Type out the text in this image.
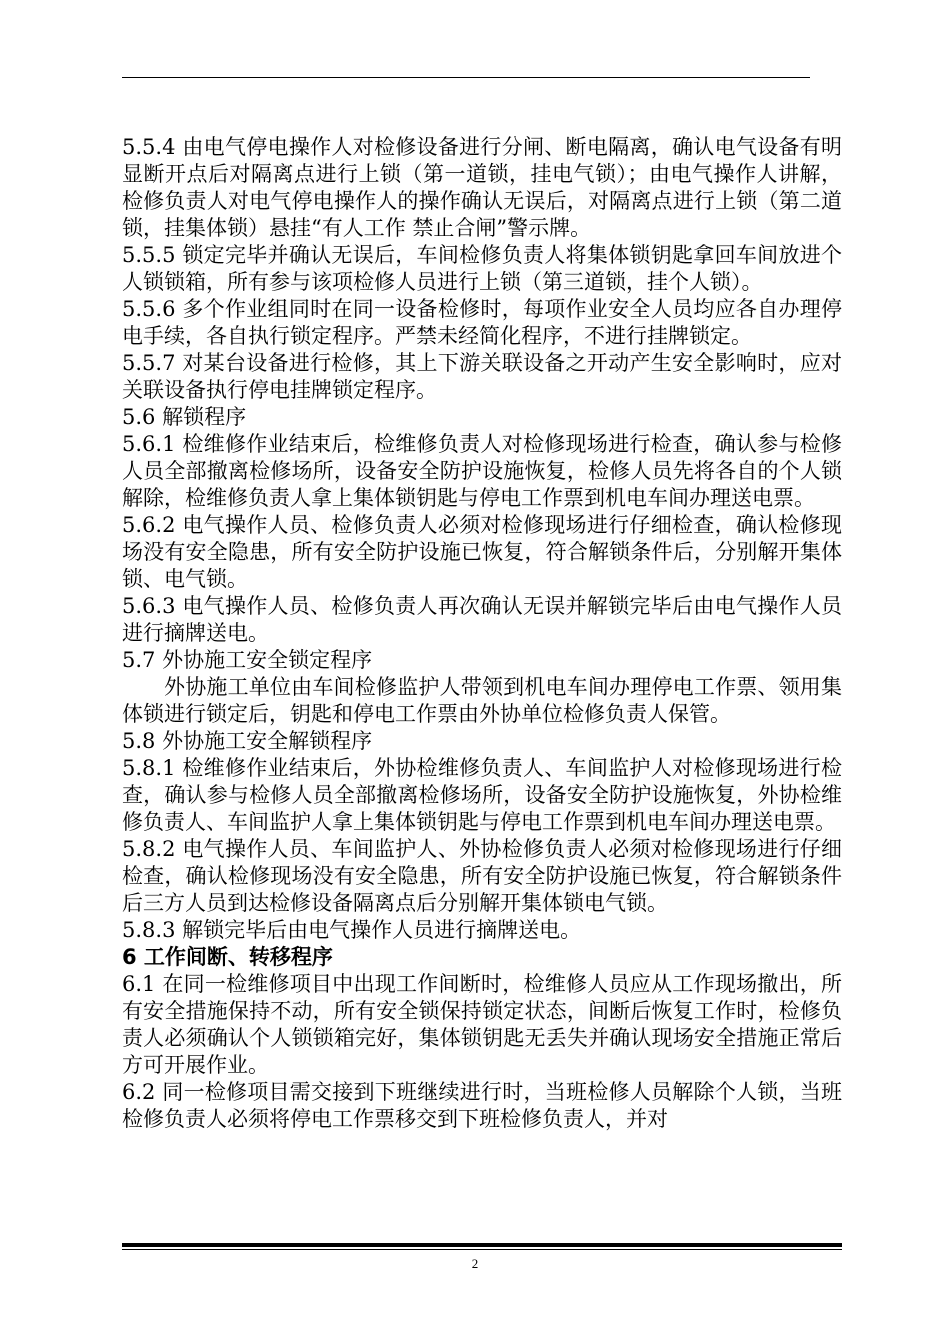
5.5.4 由电气停电操作人对检修设备进行分闸、断电隔离，确认电气设备有明显断开点后对隔离点进行上锁（第一道锁，挂电气锁）；由电气操作人讲解，检修负责人对电气停电操作人的操作确认无误后，对隔离点进行上锁（第二道锁，挂集体锁）悬挂“有人工作 禁止合闸”警示牌。

5.5.5 锁定完毕并确认无误后，车间检修负责人将集体锁钥匙拿回车间放进个人锁锁箱，所有参与该项检修人员进行上锁（第三道锁，挂个人锁）。

5.5.6 多个作业组同时在同一设备检修时，每项作业安全人员均应各自办理停电手续，各自执行锁定程序。严禁未经简化程序，不进行挂牌锁定。

5.5.7 对某台设备进行检修，其上下游关联设备之开动产生安全影响时，应对关联设备执行停电挂牌锁定程序。

5.6 解锁程序

5.6.1 检维修作业结束后，检维修负责人对检修现场进行检查，确认参与检修人员全部撤离检修场所，设备安全防护设施恢复，检修人员先将各自的个人锁解除，检维修负责人拿上集体锁钥匙与停电工作票到机电车间办理送电票。

5.6.2 电气操作人员、检修负责人必须对检修现场进行仔细检查，确认检修现场没有安全隐患，所有安全防护设施已恢复，符合解锁条件后，分别解开集体锁、电气锁。

5.6.3 电气操作人员、检修负责人再次确认无误并解锁完毕后由电气操作人员进行摘牌送电。

5.7 外协施工安全锁定程序

外协施工单位由车间检修监护人带领到机电车间办理停电工作票、领用集体锁进行锁定后，钥匙和停电工作票由外协单位检修负责人保管。

5.8 外协施工安全解锁程序

5.8.1 检维修作业结束后，外协检维修负责人、车间监护人对检修现场进行检查，确认参与检修人员全部撤离检修场所，设备安全防护设施恢复，外协检维修负责人、车间监护人拿上集体锁钥匙与停电工作票到机电车间办理送电票。

5.8.2 电气操作人员、车间监护人、外协检修负责人必须对检修现场进行仔细检查，确认检修现场没有安全隐患，所有安全防护设施已恢复，符合解锁条件后三方人员到达检修设备隔离点后分别解开集体锁电气锁。

5.8.3 解锁完毕后由电气操作人员进行摘牌送电。

6 工作间断、转移程序

6.1 在同一检维修项目中出现工作间断时，检维修人员应从工作现场撤出，所有安全措施保持不动，所有安全锁保持锁定状态，间断后恢复工作时，检修负责人必须确认个人锁锁箱完好，集体锁钥匙无丢失并确认现场安全措施正常后方可开展作业。

6.2 同一检修项目需交接到下班继续进行时，当班检修人员解除个人锁，当班检修负责人必须将停电工作票移交到下班检修负责人，并对

2
